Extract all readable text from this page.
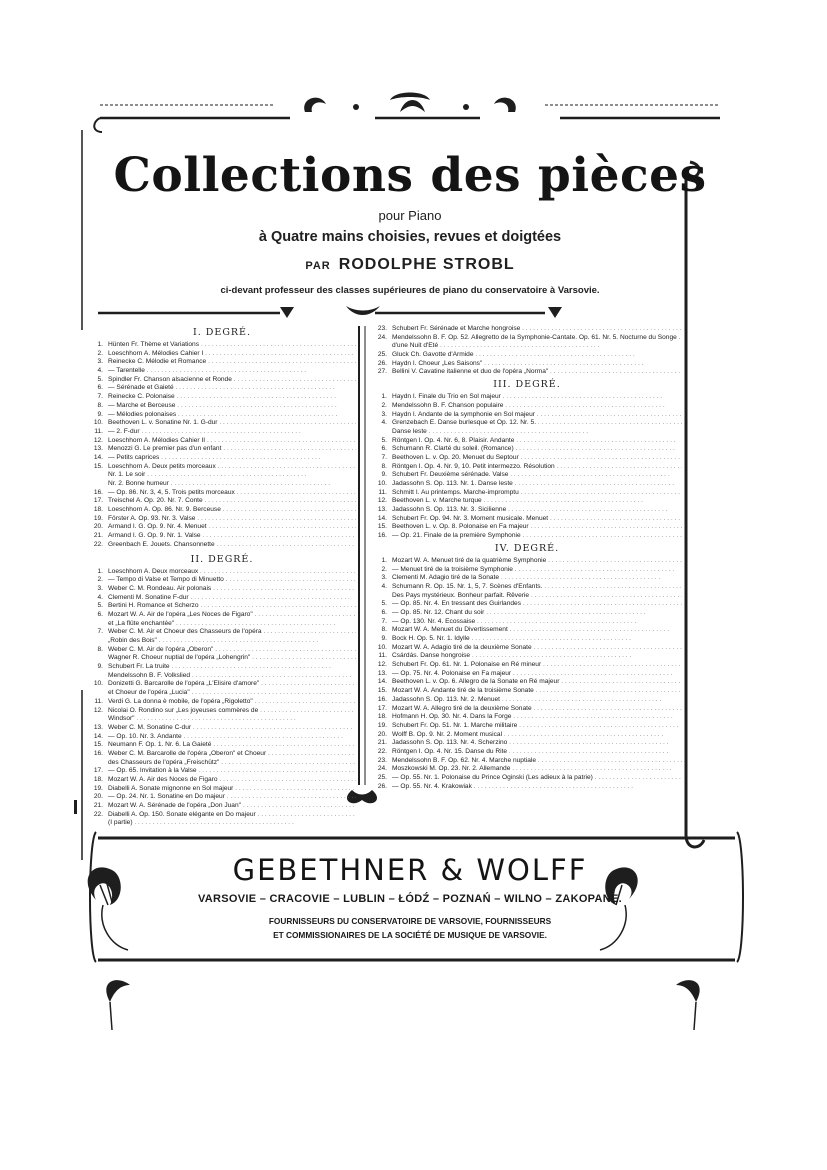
Collections des pièces
pour Piano
à Quatre mains choisies, revues et doigtées
PAR RODOLPHE STROBL
ci-devant professeur des classes supérieures de piano du conservatoire à Varsovie.
I. DEGRÉ.
1. Hünten Fr. Thème et Variations . . .
2. Loeschhorn A. Mélodies Cahier I . . .
3. Reinecke C. Mélodie et Romance . . .
4. — Tarentelle . . .
5. Spindler Fr. Chanson alsacienne et Ronde . . .
6. — Sérénade et Gaieté . . .
7. Reinecke C. Polonaise . . .
8. — Marche et Berceuse . . .
9. — Mélodies polonaises . . .
10. Beethoven L. v. Sonatine Nr. 1. G-dur . . .
11. — 2. F-dur . . .
12. Loeschhorn A. Mélodies Cahier II . . .
13. Menozzi G. Le premier pas d'un enfant . . .
14. — Petits caprices . . .
15. Loeschhorn A. Deux petits morceaux . . .
Nr. 1. Le soir . . .
Nr. 2. Bonne humeur . . .
16. — Op. 86. Nr. 3, 4, 5. Trois petits morceaux . . .
17. Treischel A. Op. 20. Nr. 7. Conte . . .
18. Loeschhorn A. Op. 86. Nr. 9. Berceuse . . .
19. Förster A. Op. 93. Nr. 3. Valse . . .
20. Armand I. G. Op. 9. Nr. 4. Menuet . . .
21. Armand I. G. Op. 9. Nr. 1. Valse . . .
22. Greenbach E. Jouets. Chansonnette . . .
II. DEGRÉ.
1. Loeschhorn A. Deux morceaux . . .
2. — Tempo di Valse et Tempo di Minuetto . . .
3. Weber C. M. Rondeau. Air polonais . . .
4. Clementi M. Sonatine F-dur . . .
5. Bertini H. Romance et Scherzo . . .
6. Mozart W. A. Air de l'opéra „Les Noces de Figaro" . . .
et „La flûte enchantée" . . .
7. Weber C. M. Air et Choeur des Chasseurs de l'opéra . . .
„Robin des Bois" . . .
8. Weber C. M. Air de l'opéra „Oberon" . . .
Wagner R. Choeur nuptial de l'opéra „Lohengrin" . . .
9. Schubert Fr. La truite . . .
Mendelssohn B. F. Volkslied . . .
10. Donizetti G. Barcarolle de l'opéra „L'Elisire d'amore" . . .
et Choeur de l'opéra „Lucia" . . .
11. Verdi G. La donna è mobile, de l'opéra „Rigoletto" . . .
12. Nicolai O. Rondino sur „Les joyeuses commères de . . .
Windsor" . . .
13. Weber C. M. Sonatine C-dur . . .
14. — Op. 10. Nr. 3. Andante . . .
15. Neumann F. Op. 1. Nr. 6. La Gaieté . . .
16. Weber C. M. Barcarolle de l'opéra „Oberon" et Choeur . . .
des Chasseurs de l'opéra „Freischütz" . . .
17. — Op. 65. Invitation à la Valse . . .
18. Mozart W. A. Air des Noces de Figaro . . .
19. Diabelli A. Sonate mignonne en Sol majeur . . .
20. — Op. 24. Nr. 1. Sonatine en Do majeur . . .
21. Mozart W. A. Sérénade de l'opéra „Don Juan" . . .
22. Diabelli A. Op. 150. Sonate elégante en Do majeur . . .
(I partie) . . .
23. Schubert Fr. Sérénade et Marche hongroise . . .
24. Mendelssohn B. F. Op. 52. Allegretto de la Symphonie-Cantate. Op. 61. Nr. 5. Nocturne du Songe . . .
d'une Nuit d'Eté . . .
25. Gluck Ch. Gavotte d'Armide . . .
26. Haydn I. Choeur „Les Saisons" . . .
27. Bellini V. Cavatine italienne et duo de l'opéra „Norma" . . .
III. DEGRÉ.
1. Haydn I. Finale du Trio en Sol majeur . . .
2. Mendelssohn B. F. Chanson populaire . . .
3. Haydn I. Andante de la symphonie en Sol majeur . . .
4. Grenzebach E. Danse burlesque et Op. 12. Nr. 5. . . .
Danse leste . . .
5. Röntgen I. Op. 4. Nr. 6, 8. Plaisir. Andante . . .
6. Schumann R. Clarté du soleil. (Romance) . . .
7. Beethoven L. v. Op. 20. Menuet du Septour . . .
8. Röntgen I. Op. 4. Nr. 9, 10. Petit intermezzo. Résolution . . .
9. Schubert Fr. Deuxième sérénade. Valse . . .
10. Jadassohn S. Op. 113. Nr. 1. Danse leste . . .
11. Schmitt I. Au printemps. Marche-impromptu . . .
12. Beethoven L. v. Marche turque . . .
13. Jadassohn S. Op. 113. Nr. 3. Sicilienne . . .
14. Schubert Fr. Op. 94. Nr. 3. Moment musicale. Menuet . . .
15. Beethoven L. v. Op. 8. Polonaise en Fa majeur . . .
16. — Op. 21. Finale de la première Symphonie . . .
IV. DEGRÉ.
1. Mozart W. A. Menuet tiré de la quatrième Symphonie . . .
2. — Menuet tiré de la troisième Symphonie . . .
3. Clementi M. Adagio tiré de la Sonate . . .
4. Schumann R. Op. 15. Nr. 1, 5, 7. Scènes d'Enfants. . . .
Des Pays mystérieux. Bonheur parfait. Rêverie . . .
5. — Op. 85. Nr. 4. En tressant des Guirlandes . . .
6. — Op. 85. Nr. 12. Chant du soir . . .
7. — Op. 130. Nr. 4. Ecossaise . . .
8. Mozart W. A. Menuet du Divertissement . . .
9. Bock H. Op. 5. Nr. 1. Idylle . . .
10. Mozart W. A. Adagio tiré de la deuxième Sonate . . .
11. Csárdás. Danse hongroise . . .
12. Schubert Fr. Op. 61. Nr. 1. Polonaise en Ré mineur . . .
13. — Op. 75. Nr. 4. Polonaise en Fa majeur . . .
14. Beethoven L. v. Op. 6. Allegro de la Sonate en Ré majeur . . .
15. Mozart W. A. Andante tiré de la troisième Sonate . . .
16. Jadassohn S. Op. 113. Nr. 2. Menuet . . .
17. Mozart W. A. Allegro tiré de la deuxième Sonate . . .
18. Hofmann H. Op. 30. Nr. 4. Dans la Forge . . .
19. Schubert Fr. Op. 51. Nr. 1. Marche militaire . . .
20. Wolff B. Op. 9. Nr. 2. Moment musical . . .
21. Jadassohn S. Op. 113. Nr. 4. Scherzino . . .
22. Röntgen I. Op. 4. Nr. 15. Danse du Rite . . .
23. Mendelssohn B. F. Op. 62. Nr. 4. Marche nuptiale . . .
24. Moszkowski M. Op. 23. Nr. 2. Allemande . . .
25. — Op. 55. Nr. 1. Polonaise du Prince Oginski (Les adieux à la patrie) . . .
26. — Op. 55. Nr. 4. Krakowiak . . .
GEBETHNER & WOLFF
VARSOVIE – CRACOVIE – LUBLIN – ŁÓDŹ – POZNAŃ – WILNO – ZAKOPANE.
FOURNISSEURS DU CONSERVATOIRE DE VARSOVIE, FOURNISSEURS
ET COMMISSIONAIRES DE LA SOCIÉTÉ DE MUSIQUE DE VARSOVIE.
